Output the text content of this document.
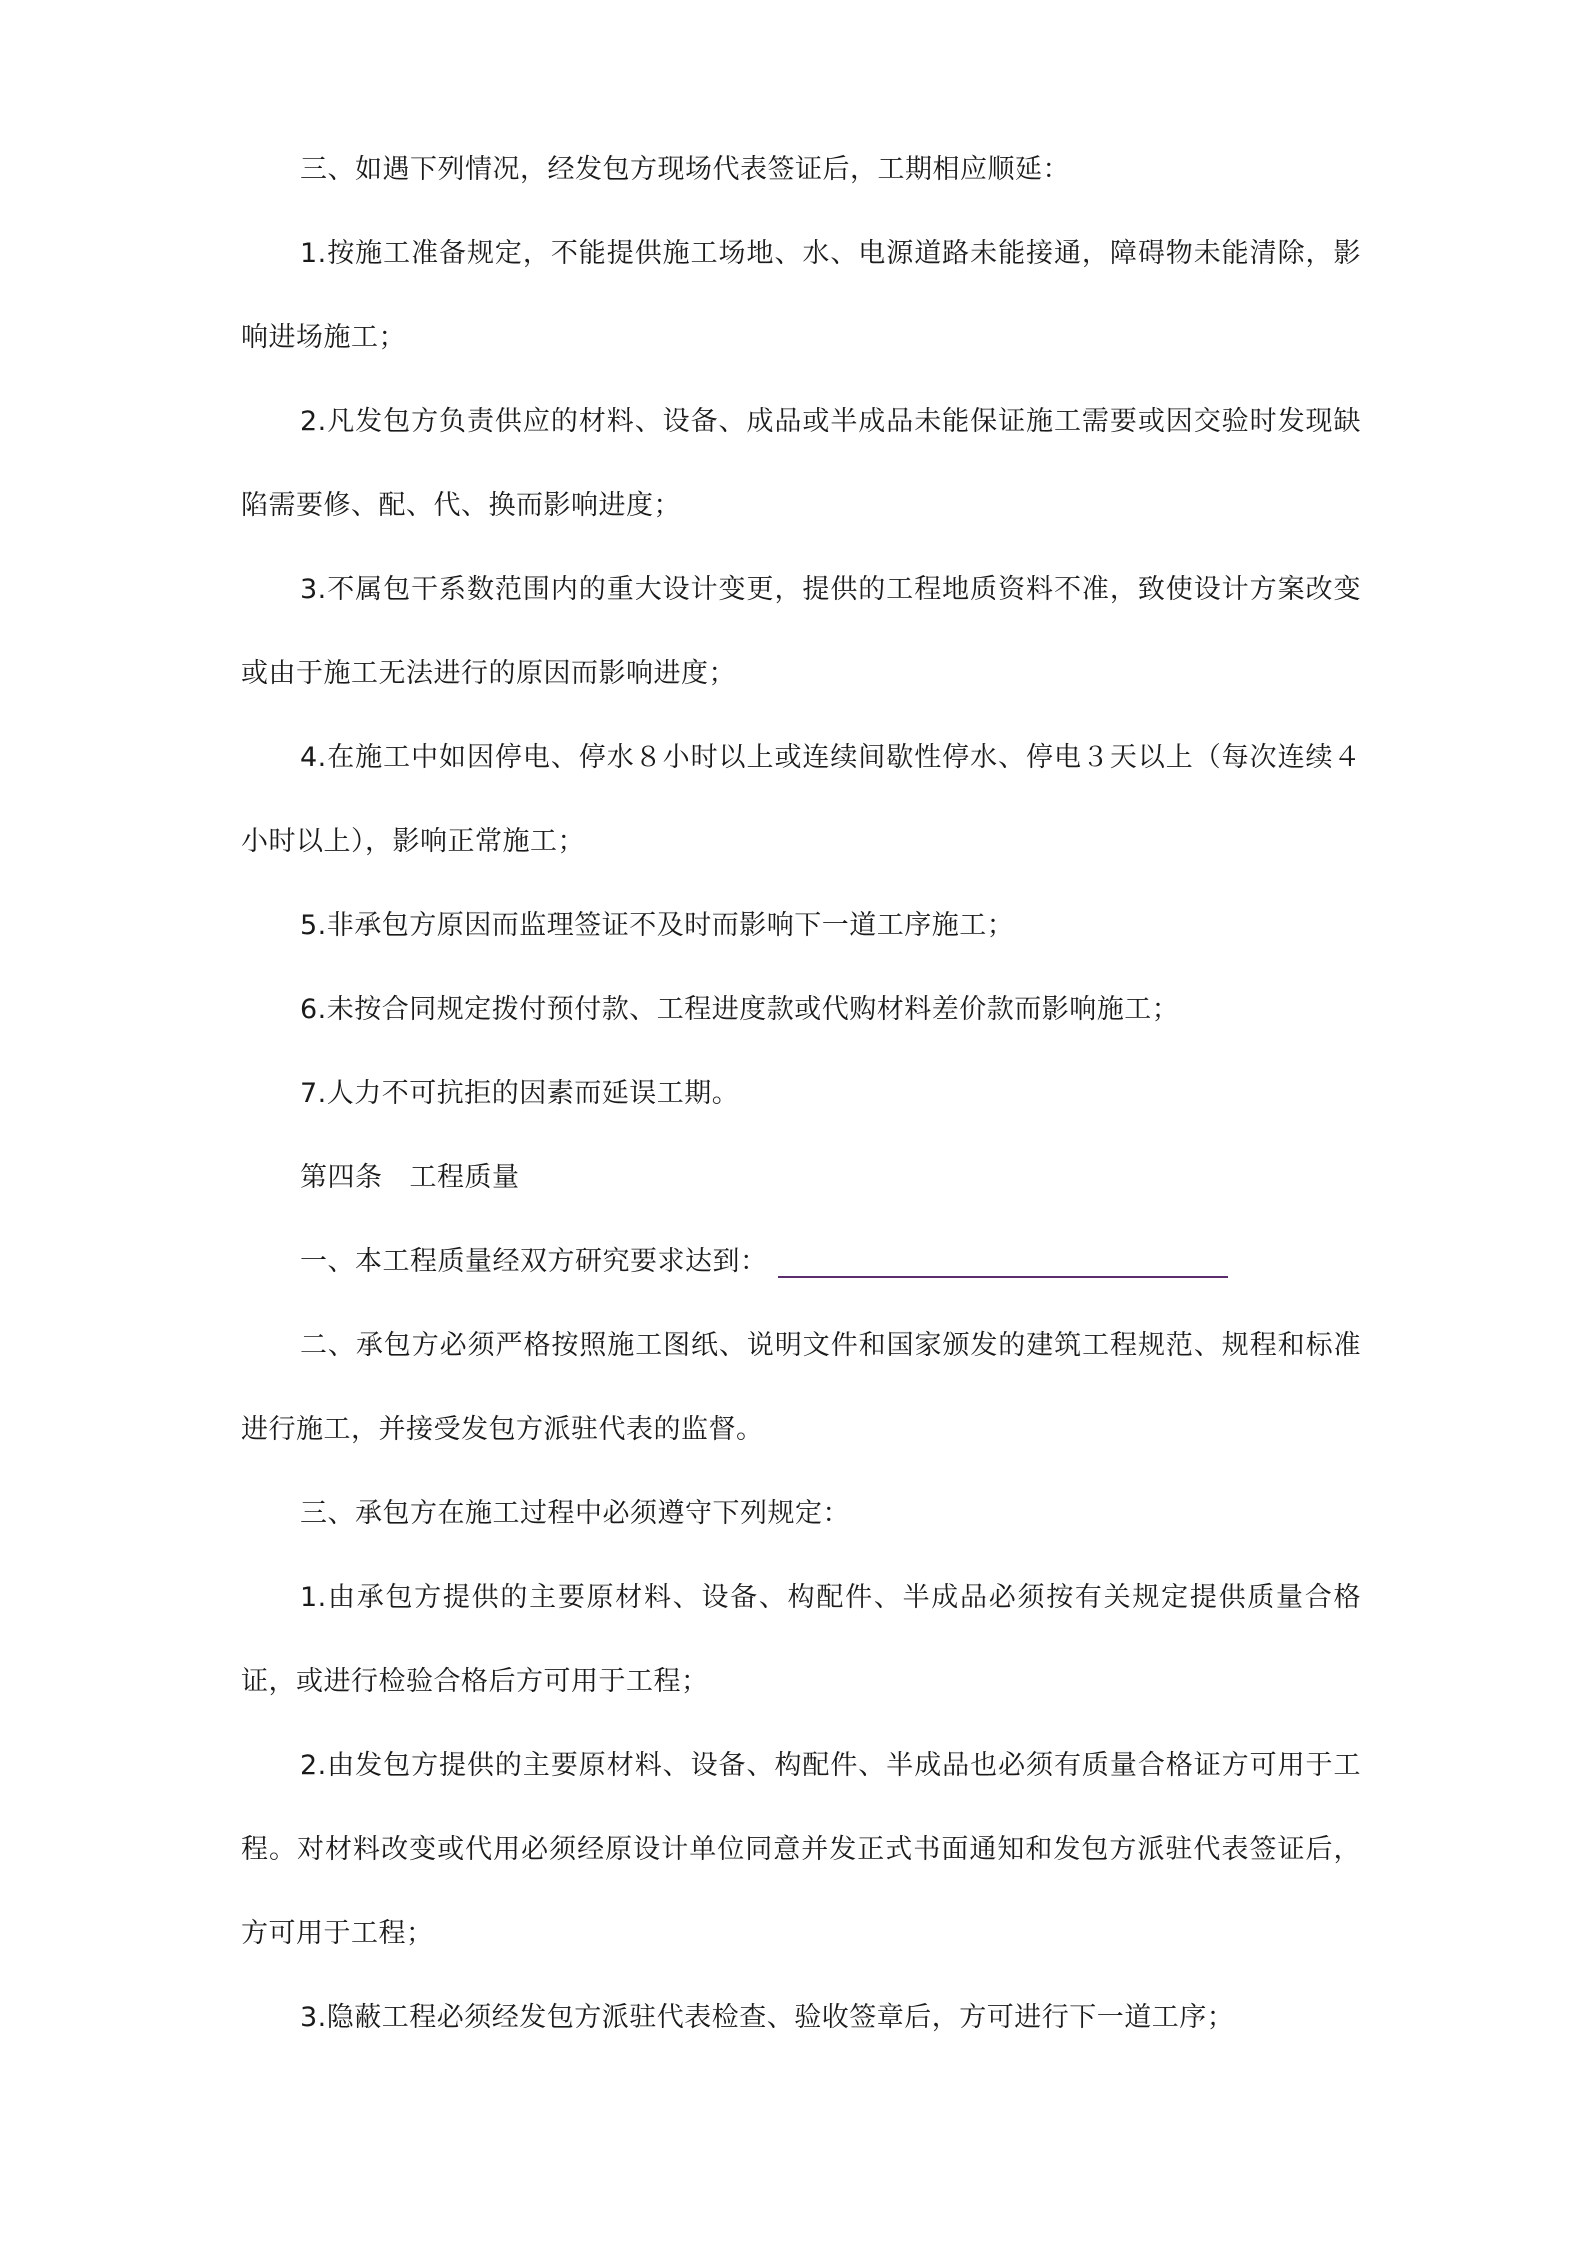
三、如遇下列情况，经发包方现场代表签证后，工期相应顺延：

1.按施工准备规定，不能提供施工场地、水、电源道路未能接通，障碍物未能清除，影响进场施工；

2.凡发包方负责供应的材料、设备、成品或半成品未能保证施工需要或因交验时发现缺陷需要修、配、代、换而影响进度；

3.不属包干系数范围内的重大设计变更，提供的工程地质资料不准，致使设计方案改变或由于施工无法进行的原因而影响进度；

4.在施工中如因停电、停水８小时以上或连续间歇性停水、停电３天以上（每次连续４小时以上），影响正常施工；

5.非承包方原因而监理签证不及时而影响下一道工序施工；

6.未按合同规定拨付预付款、工程进度款或代购材料差价款而影响施工；

7.人力不可抗拒的因素而延误工期。

第四条 工程质量

一、本工程质量经双方研究要求达到：

二、承包方必须严格按照施工图纸、说明文件和国家颁发的建筑工程规范、规程和标准进行施工，并接受发包方派驻代表的监督。

三、承包方在施工过程中必须遵守下列规定：

1.由承包方提供的主要原材料、设备、构配件、半成品必须按有关规定提供质量合格证，或进行检验合格后方可用于工程；

2.由发包方提供的主要原材料、设备、构配件、半成品也必须有质量合格证方可用于工程。对材料改变或代用必须经原设计单位同意并发正式书面通知和发包方派驻代表签证后，方可用于工程；

3.隐蔽工程必须经发包方派驻代表检查、验收签章后，方可进行下一道工序；
